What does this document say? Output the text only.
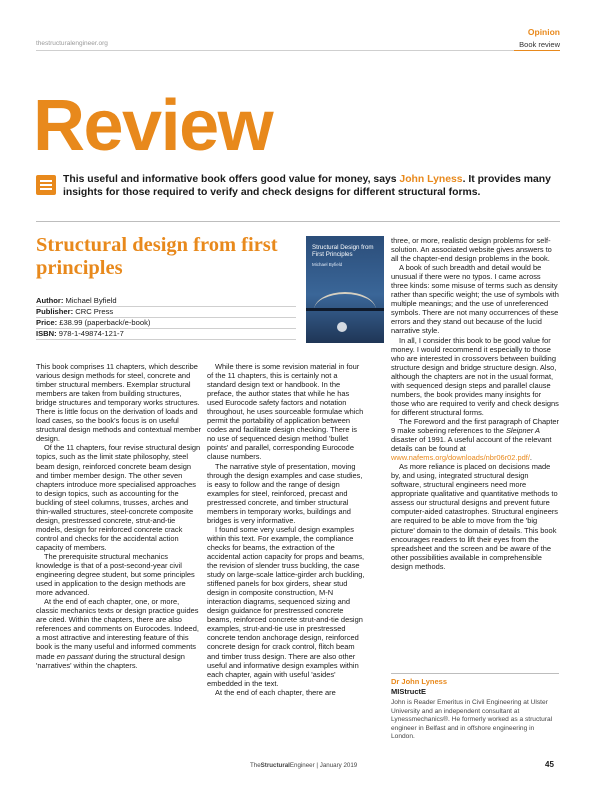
thestructuralengineer.org
Opinion
Book review
Review
This useful and informative book offers good value for money, says John Lyness. It provides many insights for those required to verify and check designs for different structural forms.
Structural design from first principles
Structural Design from First Principles
Michael Byfield
Author: Michael Byfield
Publisher: CRC Press
Price: £38.99 (paperback/e-book)
ISBN: 978-1-49874-121-7

This book comprises 11 chapters, which describe various design methods for steel, concrete and timber structural members. Exemplar structural members are taken from building structures, bridge structures and temporary works structures. There is little focus on the derivation of loads and load cases, so the book's focus is on useful structural design methods and contextual member design.

Of the 11 chapters, four revise structural design topics, such as the limit state philosophy, steel beam design, reinforced concrete beam design and timber member design. The other seven chapters introduce more specialised approaches to design topics, such as accounting for the buckling of steel columns, trusses, arches and thin-walled structures, steel-concrete composite design, prestressed concrete, strut-and-tie models, design for reinforced concrete crack control and checks for the accidental action capacity of members.

The prerequisite structural mechanics knowledge is that of a post-second-year civil engineering degree student, but some principles used in application to the design methods are more advanced.

At the end of each chapter, one, or more, classic mechanics texts or design practice guides are cited. Within the chapters, there are also references and comments on Eurocodes. Indeed, a most attractive and interesting feature of this book is the many useful and informed comments made en passant during the structural design 'narratives' within the chapters.

While there is some revision material in four of the 11 chapters, this is certainly not a standard design text or handbook. In the preface, the author states that while he has used Eurocode safety factors and notation throughout, he uses sourceable formulae which permit the portability of application between codes and facilitate design checking. There is no use of sequenced design method 'bullet points' and parallel, corresponding Eurocode clause numbers.

The narrative style of presentation, moving through the design examples and case studies, is easy to follow and the range of design examples for steel, reinforced, precast and prestressed concrete, and timber structural members in temporary works, buildings and bridges is very informative.

I found some very useful design examples within this text. For example, the compliance checks for beams, the extraction of the accidental action capacity for props and beams, the revision of slender truss buckling, the case study on large-scale lattice-girder arch buckling, stiffened panels for box girders, shear stud design in composite construction, M-N interaction diagrams, sequenced sizing and design guidance for prestressed concrete beams, reinforced concrete strut-and-tie design examples, strut-and-tie use in prestressed concrete tendon anchorage design, reinforced concrete design for crack control, flitch beam and timber truss design. There are also other useful and informative design examples within each chapter, again with useful 'asides' embedded in the text.

At the end of each chapter, there are

three, or more, realistic design problems for self-solution. An associated website gives answers to all the chapter-end design problems in the book.

A book of such breadth and detail would be unusual if there were no typos. I came across three kinds: some misuse of terms such as density rather than specific weight; the use of symbols with multiple meanings; and the use of unreferenced symbols. There are not many occurrences of these errors and they stand out because of the lucid narrative style.

In all, I consider this book to be good value for money. I would recommend it especially to those who are interested in crossovers between building structure design and bridge structure design. Also, although the chapters are not in the usual format, with sequenced design steps and parallel clause numbers, the book provides many insights for those who are required to verify and check designs for different structural forms.

The Foreword and the first paragraph of Chapter 9 make sobering references to the Sleipner A disaster of 1991. A useful account of the relevant details can be found at www.nafems.org/downloads/nbr06r02.pdf/.

As more reliance is placed on decisions made by, and using, integrated structural design software, structural engineers need more appropriate qualitative and quantitative methods to assess our structural designs and prevent future computer-aided catastrophes. Structural engineers are required to be able to move from the 'big picture' domain to the domain of details. This book encourages readers to lift their eyes from the spreadsheet and the screen and be aware of the other possibilities available in comprehensible design methods.

Dr John Lyness
MIStructE
John is Reader Emeritus in Civil Engineering at Ulster University and an independent consultant at Lynessmechanics®. He formerly worked as a structural engineer in Belfast and in offshore engineering in London.
TheStructuralEngineer | January 2019	45
